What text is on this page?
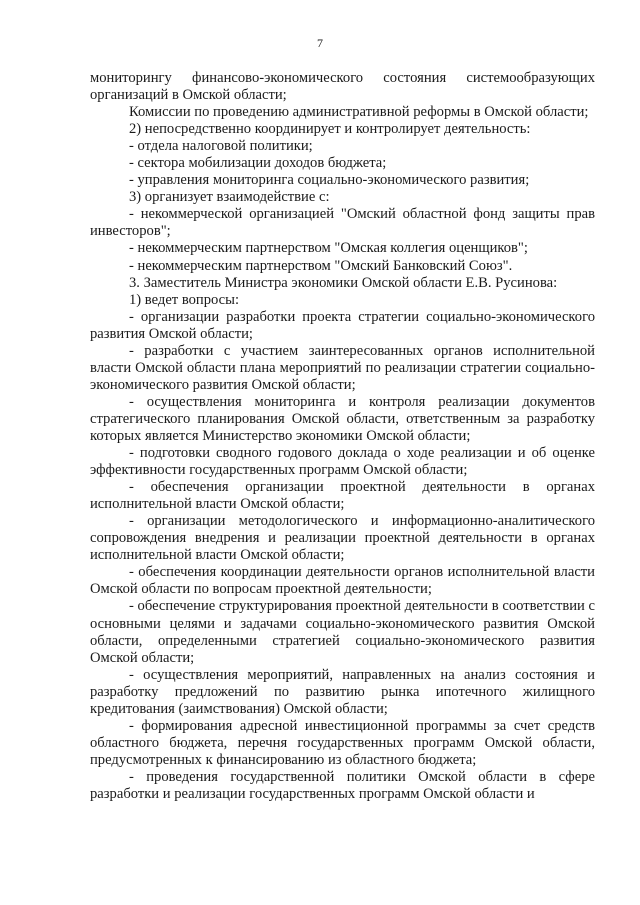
7

мониторингу финансово-экономического состояния системообразующих организаций в Омской области;

Комиссии по проведению административной реформы в Омской области;

2) непосредственно координирует и контролирует деятельность:

- отдела налоговой политики;

- сектора мобилизации доходов бюджета;

- управления мониторинга социально-экономического развития;

3) организует взаимодействие с:

- некоммерческой организацией "Омский областной фонд защиты прав инвесторов";

- некоммерческим партнерством "Омская коллегия оценщиков";

- некоммерческим партнерством "Омский Банковский Союз".

3. Заместитель Министра экономики Омской области Е.В. Русинова:

1) ведет вопросы:

- организации разработки проекта стратегии социально-экономического развития Омской области;

- разработки с участием заинтересованных органов исполнительной власти Омской области плана мероприятий по реализации стратегии социально-экономического развития Омской области;

- осуществления мониторинга и контроля реализации документов стратегического планирования Омской области, ответственным за разработку которых является Министерство экономики Омской области;

- подготовки сводного годового доклада о ходе реализации и об оценке эффективности государственных программ Омской области;

- обеспечения организации проектной деятельности в органах исполнительной власти Омской области;

- организации методологического и информационно-аналитического сопровождения внедрения и реализации проектной деятельности в органах исполнительной власти Омской области;

- обеспечения координации деятельности органов исполнительной власти Омской области по вопросам проектной деятельности;

- обеспечение структурирования проектной деятельности в соответствии с основными целями и задачами социально-экономического развития Омской области, определенными стратегией социально-экономического развития Омской области;

- осуществления мероприятий, направленных на анализ состояния и разработку предложений по развитию рынка ипотечного жилищного кредитования (заимствования) Омской области;

- формирования адресной инвестиционной программы за счет средств областного бюджета, перечня государственных программ Омской области, предусмотренных к финансированию из областного бюджета;

- проведения государственной политики Омской области в сфере разработки и реализации государственных программ Омской области и
